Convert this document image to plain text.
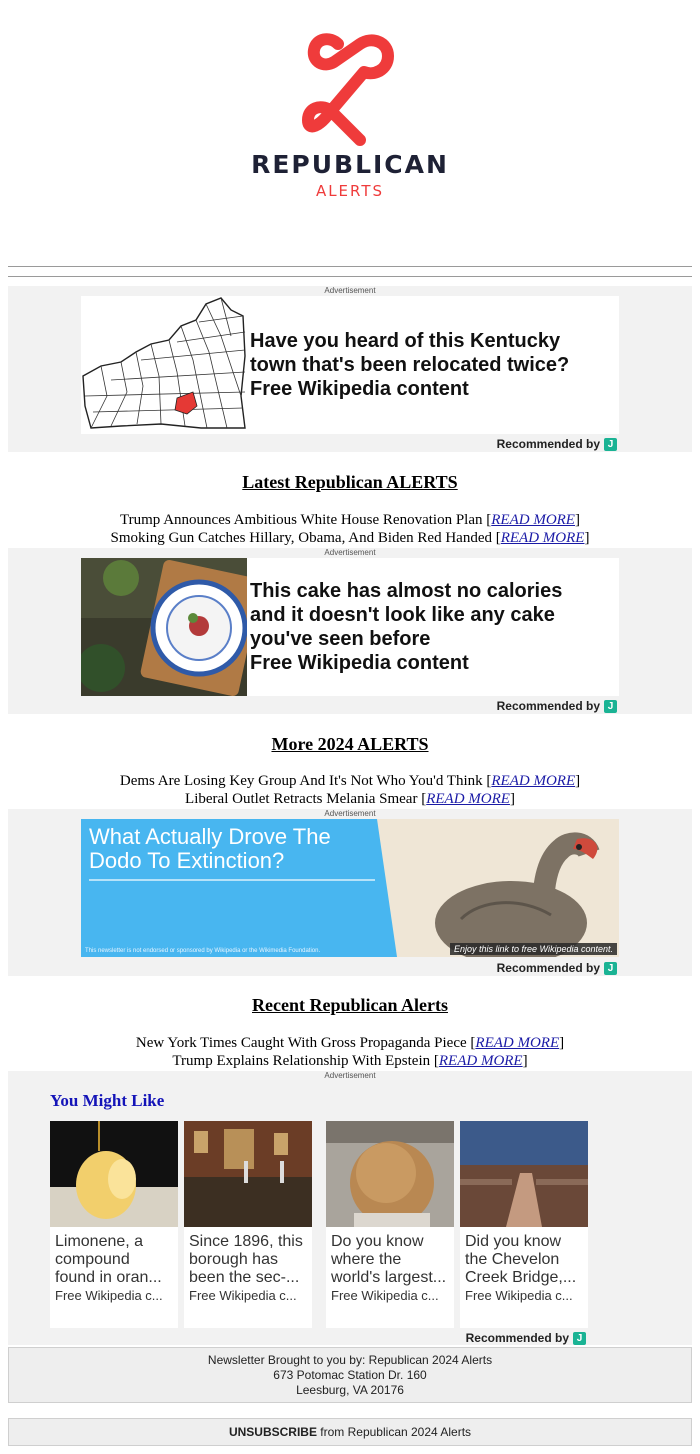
REPUBLICAN
ALERTS
Advertisement
Have you heard of this Kentucky
town that's been relocated twice?
Free Wikipedia content
Recommended by J
Latest Republican ALERTS
Trump Announces Ambitious White House Renovation Plan [READ MORE]
Smoking Gun Catches Hillary, Obama, And Biden Red Handed [READ MORE]
Advertisement
This cake has almost no calories
and it doesn't look like any cake
you've seen before
Free Wikipedia content
Recommended by J
More 2024 ALERTS
Dems Are Losing Key Group And It's Not Who You'd Think [READ MORE]
Liberal Outlet Retracts Melania Smear [READ MORE]
Advertisement
What Actually Drove The
Dodo To Extinction?
This newsletter is not endorsed or sponsored by Wikipedia or the Wikimedia Foundation.	Enjoy this link to free Wikipedia content.
Recommended by J
Recent Republican Alerts
New York Times Caught With Gross Propaganda Piece [READ MORE]
Trump Explains Relationship With Epstein [READ MORE]
Advertisement
You Might Like
Limonene, a
compound
found in oran...
Free Wikipedia c...
Since 1896, this
borough has
been the sec-...
Free Wikipedia c...
Do you know
where the
world's largest...
Free Wikipedia c...
Did you know
the Chevelon
Creek Bridge,...
Free Wikipedia c...
Recommended by J
Newsletter Brought to you by: Republican 2024 Alerts
673 Potomac Station Dr. 160
Leesburg, VA 20176
UNSUBSCRIBE from Republican 2024 Alerts
